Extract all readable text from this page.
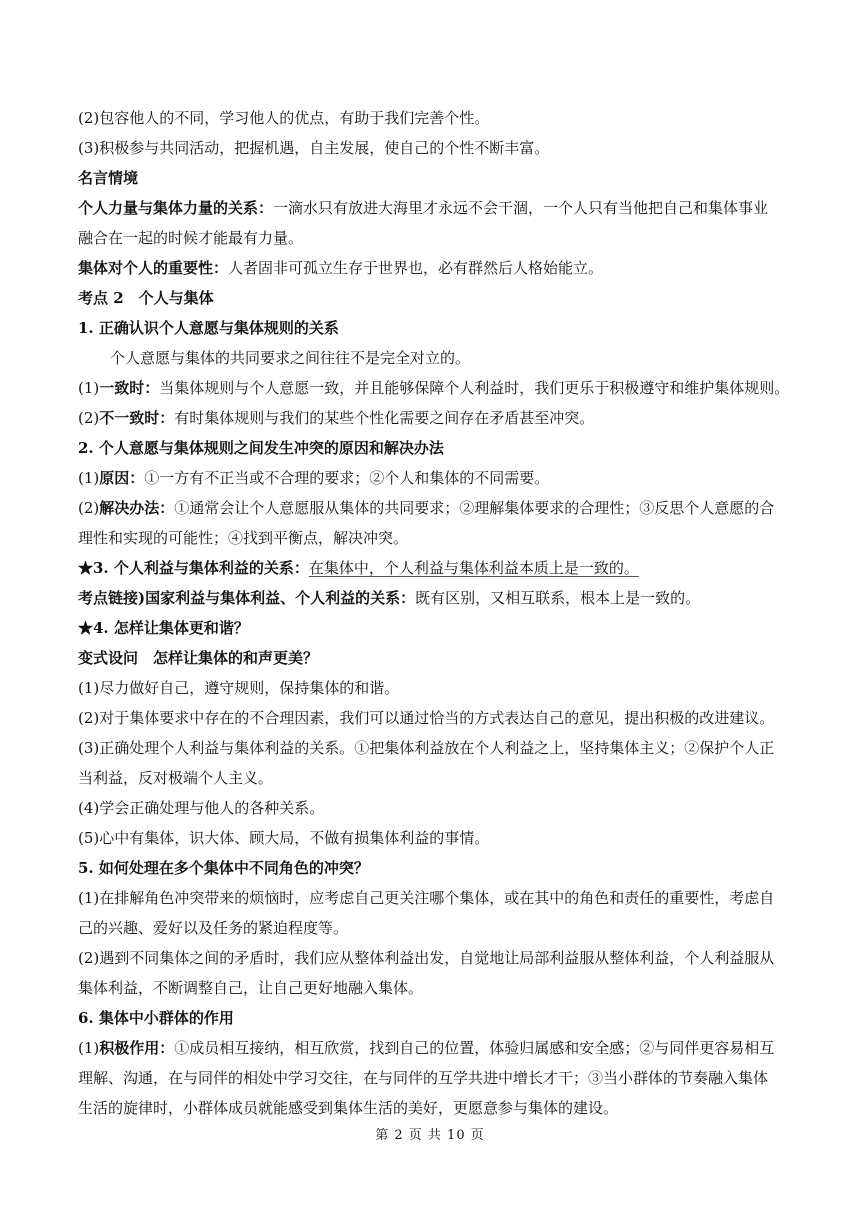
(2)包容他人的不同，学习他人的优点，有助于我们完善个性。
(3)积极参与共同活动，把握机遇，自主发展，使自己的个性不断丰富。
名言情境
个人力量与集体力量的关系：一滴水只有放进大海里才永远不会干涸，一个人只有当他把自己和集体事业
融合在一起的时候才能最有力量。
集体对个人的重要性：人者固非可孤立生存于世界也，必有群然后人格始能立。
考点 2　个人与集体
1. 正确认识个人意愿与集体规则的关系
个人意愿与集体的共同要求之间往往不是完全对立的。
(1)一致时：当集体规则与个人意愿一致，并且能够保障个人利益时，我们更乐于积极遵守和维护集体规则。
(2)不一致时：有时集体规则与我们的某些个性化需要之间存在矛盾甚至冲突。
2. 个人意愿与集体规则之间发生冲突的原因和解决办法
(1)原因：①一方有不正当或不合理的要求；②个人和集体的不同需要。
(2)解决办法：①通常会让个人意愿服从集体的共同要求；②理解集体要求的合理性；③反思个人意愿的合
理性和实现的可能性；④找到平衡点，解决冲突。
★3. 个人利益与集体利益的关系：在集体中，个人利益与集体利益本质上是一致的。
考点链接)国家利益与集体利益、个人利益的关系：既有区别，又相互联系，根本上是一致的。
★4. 怎样让集体更和谐？
变式设问　怎样让集体的和声更美？
(1)尽力做好自己，遵守规则，保持集体的和谐。
(2)对于集体要求中存在的不合理因素，我们可以通过恰当的方式表达自己的意见，提出积极的改进建议。
(3)正确处理个人利益与集体利益的关系。①把集体利益放在个人利益之上，坚持集体主义；②保护个人正
当利益，反对极端个人主义。
(4)学会正确处理与他人的各种关系。
(5)心中有集体，识大体、顾大局，不做有损集体利益的事情。
5. 如何处理在多个集体中不同角色的冲突？
(1)在排解角色冲突带来的烦恼时，应考虑自己更关注哪个集体，或在其中的角色和责任的重要性，考虑自
己的兴趣、爱好以及任务的紧迫程度等。
(2)遇到不同集体之间的矛盾时，我们应从整体利益出发，自觉地让局部利益服从整体利益，个人利益服从
集体利益，不断调整自己，让自己更好地融入集体。
6. 集体中小群体的作用
(1)积极作用：①成员相互接纳，相互欣赏，找到自己的位置，体验归属感和安全感；②与同伴更容易相互
理解、沟通，在与同伴的相处中学习交往，在与同伴的互学共进中增长才干；③当小群体的节奏融入集体
生活的旋律时，小群体成员就能感受到集体生活的美好，更愿意参与集体的建设。
第 2 页 共 10 页
